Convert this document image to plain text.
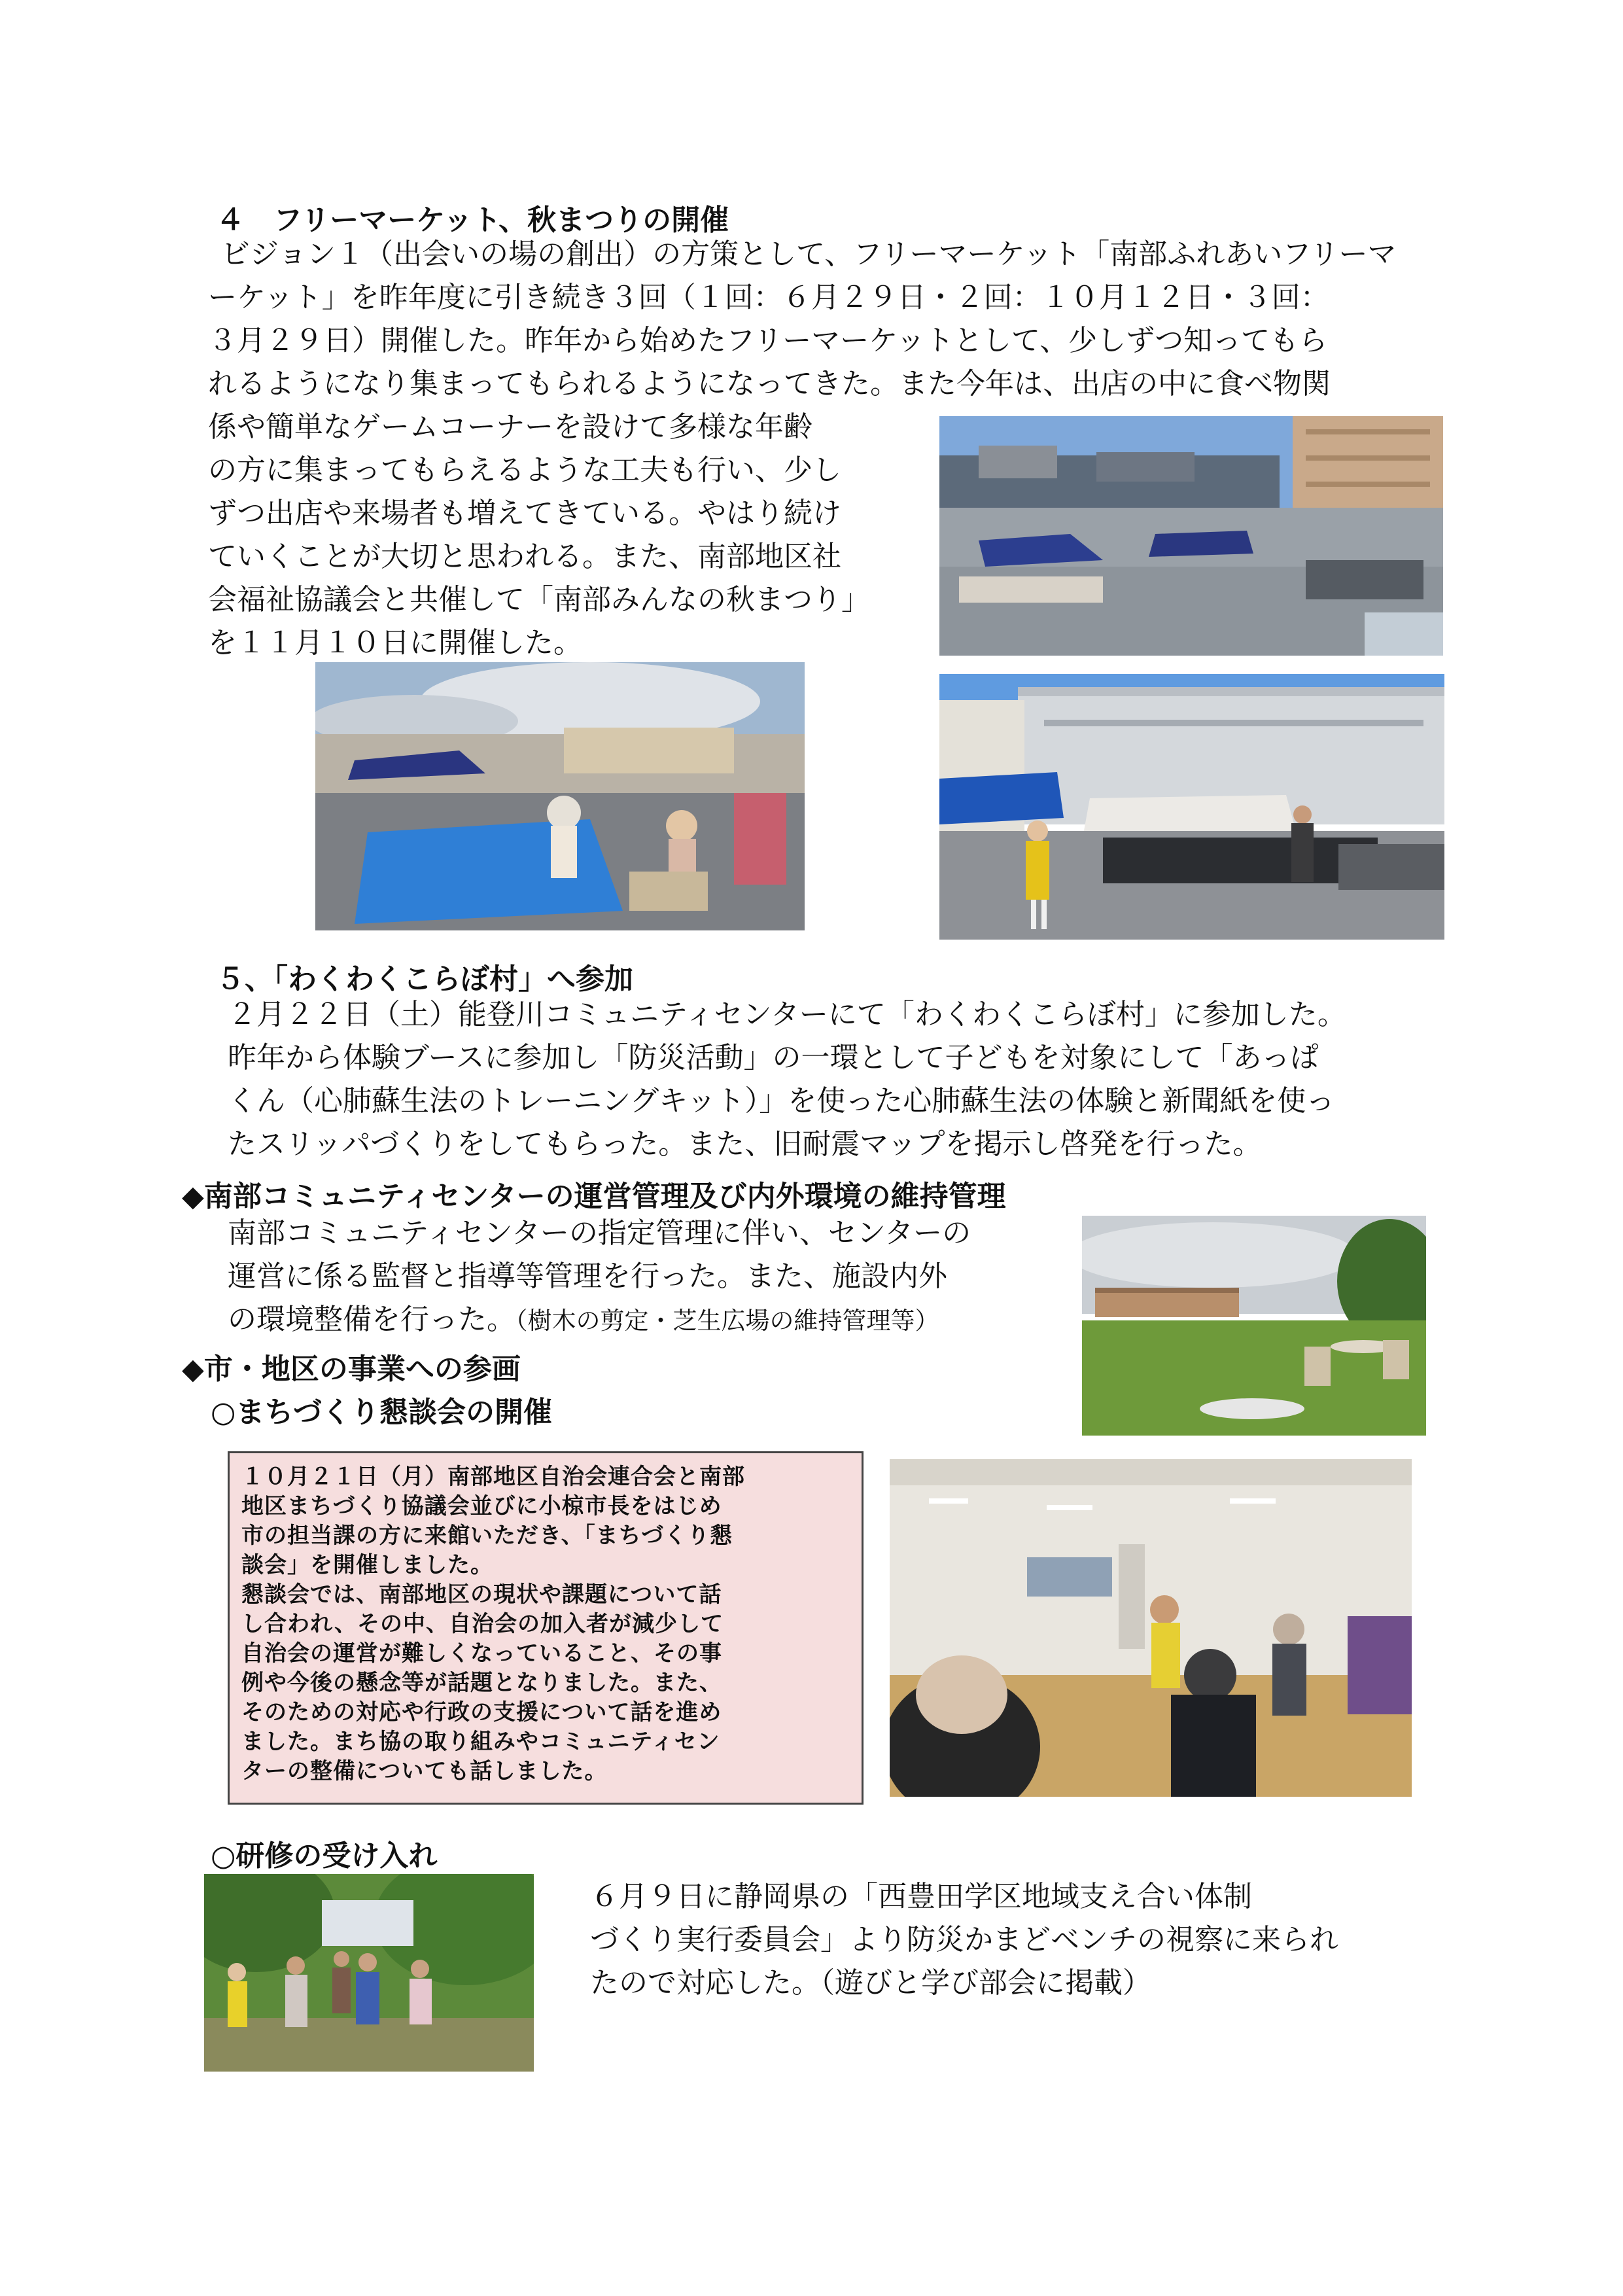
４　フリーマーケット、秋まつりの開催
ビジョン１（出会いの場の創出）の方策として、フリーマーケット「南部ふれあいフリーマ
ーケット」を昨年度に引き続き３回（１回：６月２９日・２回：１０月１２日・３回：
３月２９日）開催した。昨年から始めたフリーマーケットとして、少しずつ知ってもら
れるようになり集まってもられるようになってきた。また今年は、出店の中に食べ物関
係や簡単なゲームコーナーを設けて多様な年齢
の方に集まってもらえるような工夫も行い、少し
ずつ出店や来場者も増えてきている。やはり続け
ていくことが大切と思われる。また、南部地区社
会福祉協議会と共催して「南部みんなの秋まつり」
を１１月１０日に開催した。
５、「わくわくこらぼ村」へ参加
２月２２日（土）能登川コミュニティセンターにて「わくわくこらぼ村」に参加した。
昨年から体験ブースに参加し「防災活動」の一環として子どもを対象にして「あっぱ
くん（心肺蘇生法のトレーニングキット）」を使った心肺蘇生法の体験と新聞紙を使っ
たスリッパづくりをしてもらった。また、旧耐震マップを掲示し啓発を行った。
◆南部コミュニティセンターの運営管理及び内外環境の維持管理
南部コミュニティセンターの指定管理に伴い、センターの
運営に係る監督と指導等管理を行った。また、施設内外
の環境整備を行った。（樹木の剪定・芝生広場の維持管理等）
◆市・地区の事業への参画
○まちづくり懇談会の開催
１０月２１日（月）南部地区自治会連合会と南部
地区まちづくり協議会並びに小椋市長をはじめ
市の担当課の方に来館いただき、「まちづくり懇
談会」を開催しました。
懇談会では、南部地区の現状や課題について話
し合われ、その中、自治会の加入者が減少して
自治会の運営が難しくなっていること、その事
例や今後の懸念等が話題となりました。また、
そのための対応や行政の支援について話を進め
ました。まち協の取り組みやコミュニティセン
ターの整備についても話しました。
○研修の受け入れ
６月９日に静岡県の「西豊田学区地域支え合い体制
づくり実行委員会」より防災かまどベンチの視察に来られ
たので対応した。（遊びと学び部会に掲載）
